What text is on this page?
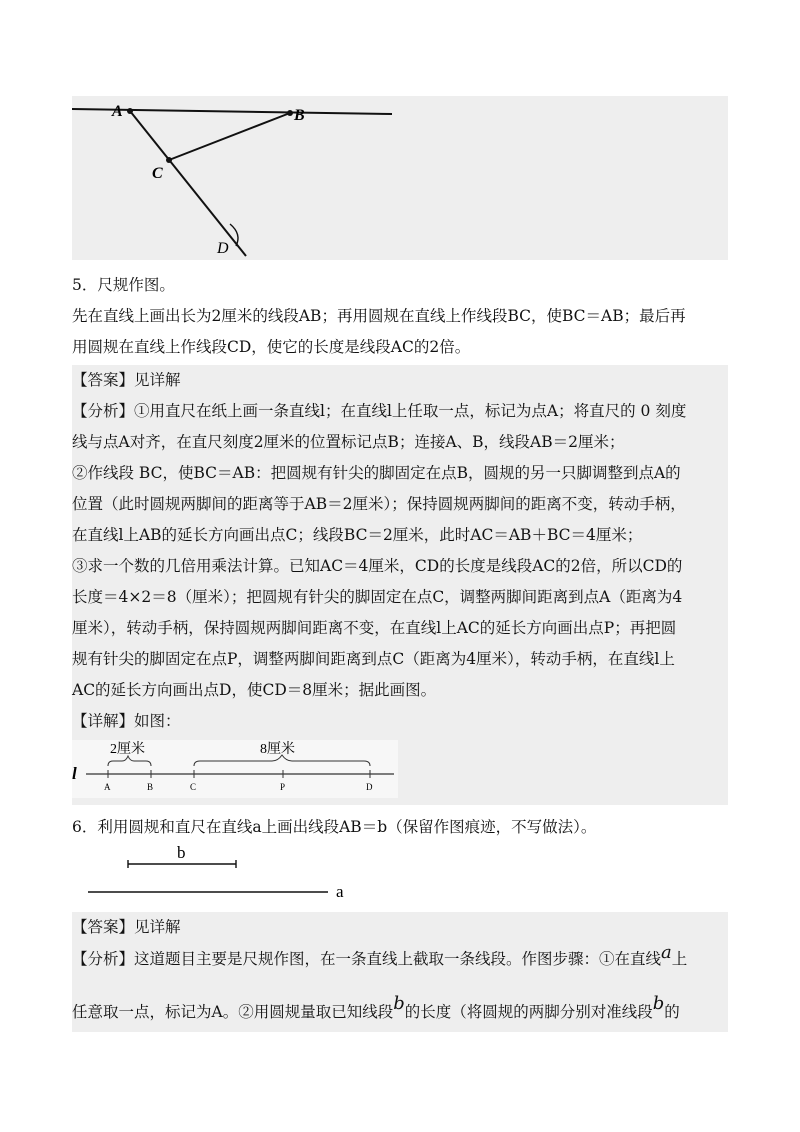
A	B
C
D
5．尺规作图。
先在直线上画出长为2厘米的线段AB；再用圆规在直线上作线段BC，使BC＝AB；最后再
用圆规在直线上作线段CD，使它的长度是线段AC的2倍。
【答案】见详解
【分析】①用直尺在纸上画一条直线l；在直线l上任取一点，标记为点A；将直尺的 0 刻度
线与点A对齐，在直尺刻度2厘米的位置标记点B；连接A、B，线段AB＝2厘米；
②作线段 BC，使BC＝AB：把圆规有针尖的脚固定在点B，圆规的另一只脚调整到点A的
位置（此时圆规两脚间的距离等于AB＝2厘米）；保持圆规两脚间的距离不变，转动手柄，
在直线l上AB的延长方向画出点C；线段BC＝2厘米，此时AC＝AB＋BC＝4厘米；
③求一个数的几倍用乘法计算。已知AC＝4厘米，CD的长度是线段AC的2倍，所以CD的
长度＝4×2＝8（厘米）；把圆规有针尖的脚固定在点C，调整两脚间距离到点A（距离为4
厘米），转动手柄，保持圆规两脚间距离不变，在直线l上AC的延长方向画出点P；再把圆
规有针尖的脚固定在点P，调整两脚间距离到点C（距离为4厘米），转动手柄，在直线l上
AC的延长方向画出点D，使CD＝8厘米；据此画图。
【详解】如图：
l
2厘米	8厘米
A	B	C	P	D
6．利用圆规和直尺在直线a上画出线段AB＝b（保留作图痕迹，不写做法）。
b
a
【答案】见详解
【分析】这道题目主要是尺规作图，在一条直线上截取一条线段。作图步骤：①在直线a上
任意取一点，标记为A。②用圆规量取已知线段b的长度（将圆规的两脚分别对准线段b的
